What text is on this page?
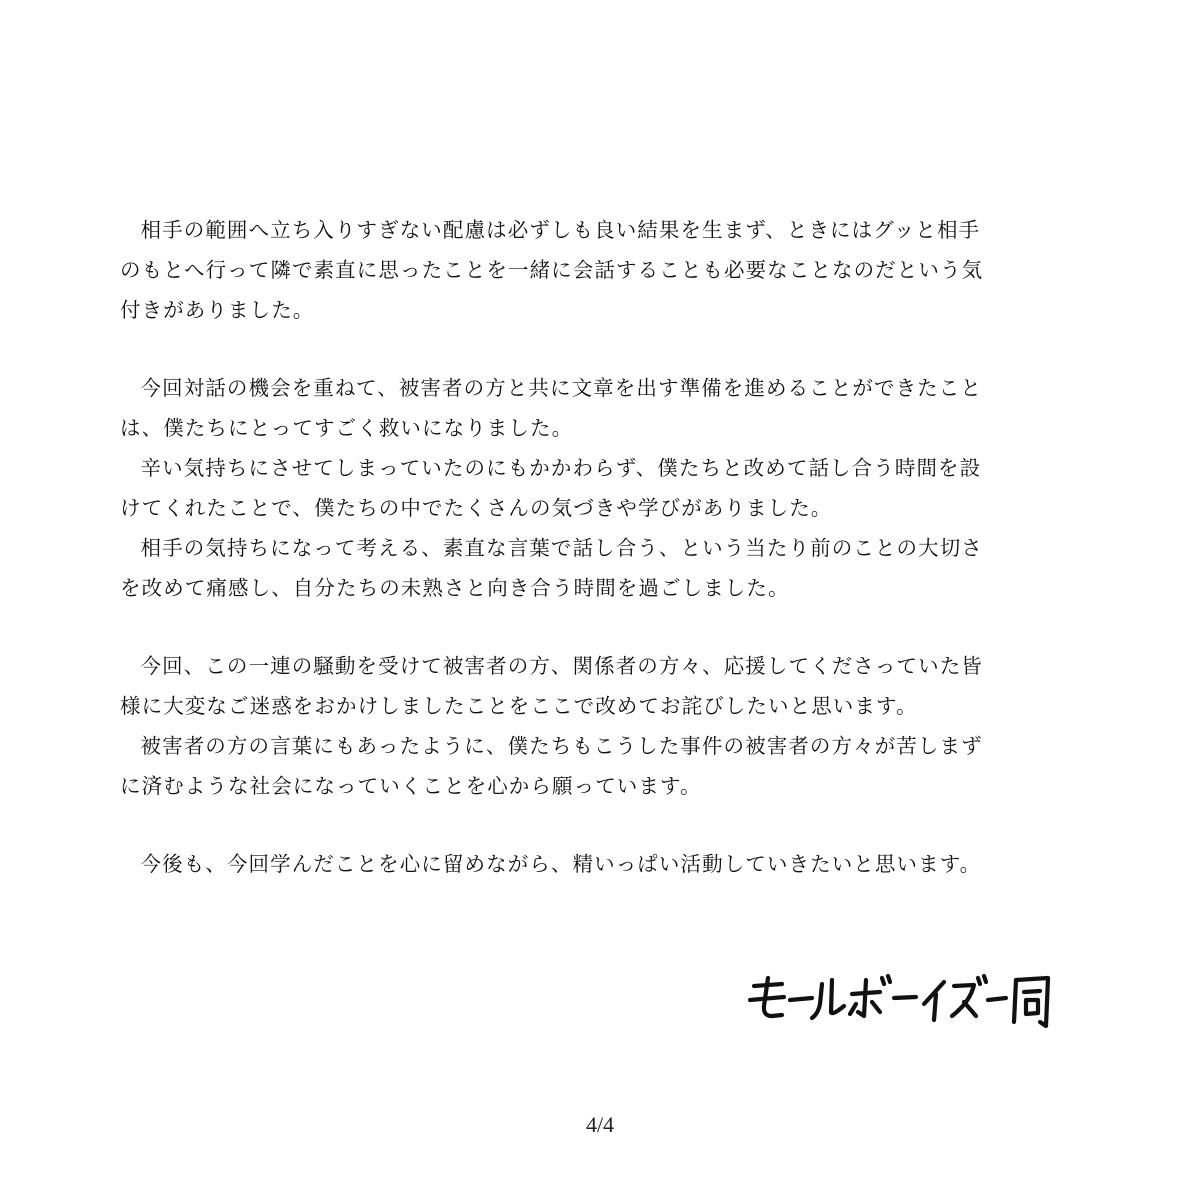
相手の範囲へ立ち入りすぎない配慮は必ずしも良い結果を生まず、ときにはグッと相手
のもとへ行って隣で素直に思ったことを一緒に会話することも必要なことなのだという気
付きがありました。

今回対話の機会を重ねて、被害者の方と共に文章を出す準備を進めることができたこと
は、僕たちにとってすごく救いになりました。

辛い気持ちにさせてしまっていたのにもかかわらず、僕たちと改めて話し合う時間を設
けてくれたことで、僕たちの中でたくさんの気づきや学びがありました。

相手の気持ちになって考える、素直な言葉で話し合う、という当たり前のことの大切さ
を改めて痛感し、自分たちの未熟さと向き合う時間を過ごしました。

今回、この一連の騒動を受けて被害者の方、関係者の方々、応援してくださっていた皆
様に大変なご迷惑をおかけしましたことをここで改めてお詫びしたいと思います。

被害者の方の言葉にもあったように、僕たちもこうした事件の被害者の方々が苦しまず
に済むような社会になっていくことを心から願っています。

今後も、今回学んだことを心に留めながら、精いっぱい活動していきたいと思います。

4/4
